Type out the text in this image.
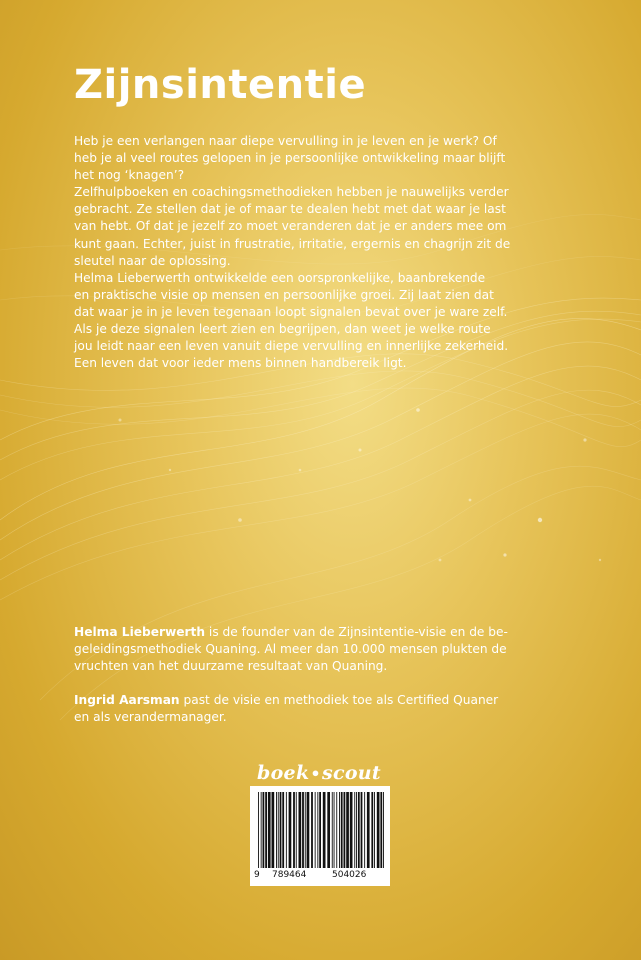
Zijnsintentie
Heb je een verlangen naar diepe vervulling in je leven en je werk? Of
heb je al veel routes gelopen in je persoonlijke ontwikkeling maar blijft
het nog ‘knagen’?
Zelfhulpboeken en coachingsmethodieken hebben je nauwelijks verder
gebracht. Ze stellen dat je of maar te dealen hebt met dat waar je last
van hebt. Of dat je jezelf zo moet veranderen dat je er anders mee om
kunt gaan. Echter, juist in frustratie, irritatie, ergernis en chagrijn zit de
sleutel naar de oplossing.
Helma Lieberwerth ontwikkelde een oorspronkelijke, baanbrekende
en praktische visie op mensen en persoonlijke groei. Zij laat zien dat
dat waar je in je leven tegenaan loopt signalen bevat over je ware zelf.
Als je deze signalen leert zien en begrijpen, dan weet je welke route
jou leidt naar een leven vanuit diepe vervulling en innerlijke zekerheid.
Een leven dat voor ieder mens binnen handbereik ligt.

Helma Lieberwerth is de founder van de Zijnsintentie-visie en de be-
geleidingsmethodiek Quaning. Al meer dan 10.000 mensen plukten de
vruchten van het duurzame resultaat van Quaning.

Ingrid Aarsman past de visie en methodiek toe als Certified Quaner
en als verandermanager.

boek•scout
9 789464	504026
